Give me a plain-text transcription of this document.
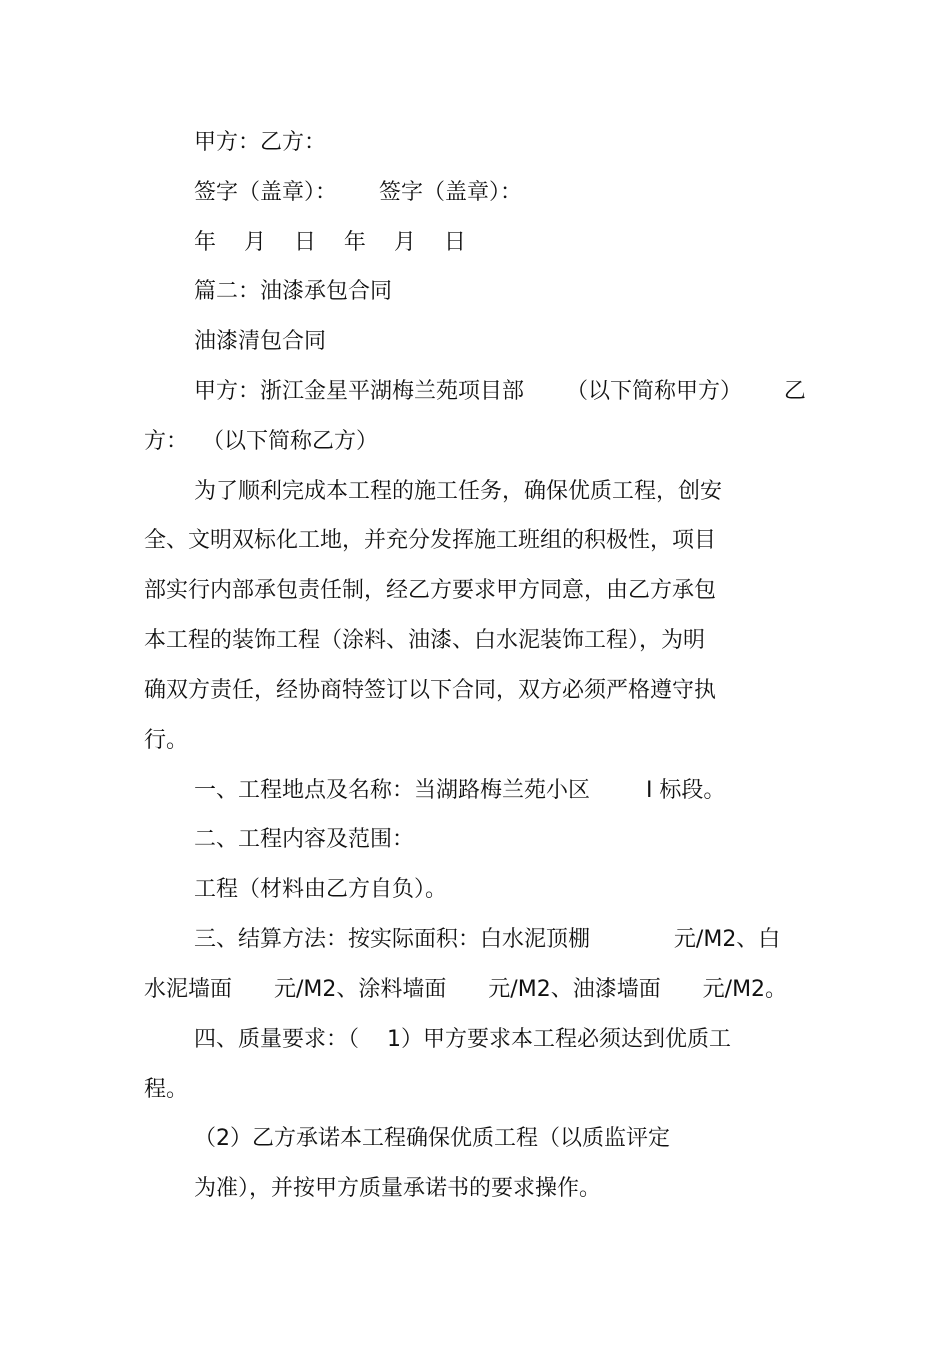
甲方：乙方：
签字（盖章）：      签字（盖章）：
年    月    日    年    月    日
篇二：油漆承包合同
油漆清包合同
甲方：浙江金星平湖梅兰苑项目部      （以下简称甲方）      乙
方：  （以下简称乙方）
为了顺利完成本工程的施工任务，确保优质工程，创安
全、文明双标化工地，并充分发挥施工班组的积极性，项目
部实行内部承包责任制，经乙方要求甲方同意，由乙方承包
本工程的装饰工程（涂料、油漆、白水泥装饰工程），为明
确双方责任，经协商特签订以下合同，双方必须严格遵守执
行。
一、工程地点及名称：当湖路梅兰苑小区        I 标段。
二、工程内容及范围：
工程（材料由乙方自负）。
三、结算方法：按实际面积：白水泥顶棚            元/M2、白
水泥墙面      元/M2、涂料墙面      元/M2、油漆墙面      元/M2。
四、质量要求：（    1）甲方要求本工程必须达到优质工
程。
（2）乙方承诺本工程确保优质工程（以质监评定
为准），并按甲方质量承诺书的要求操作。
